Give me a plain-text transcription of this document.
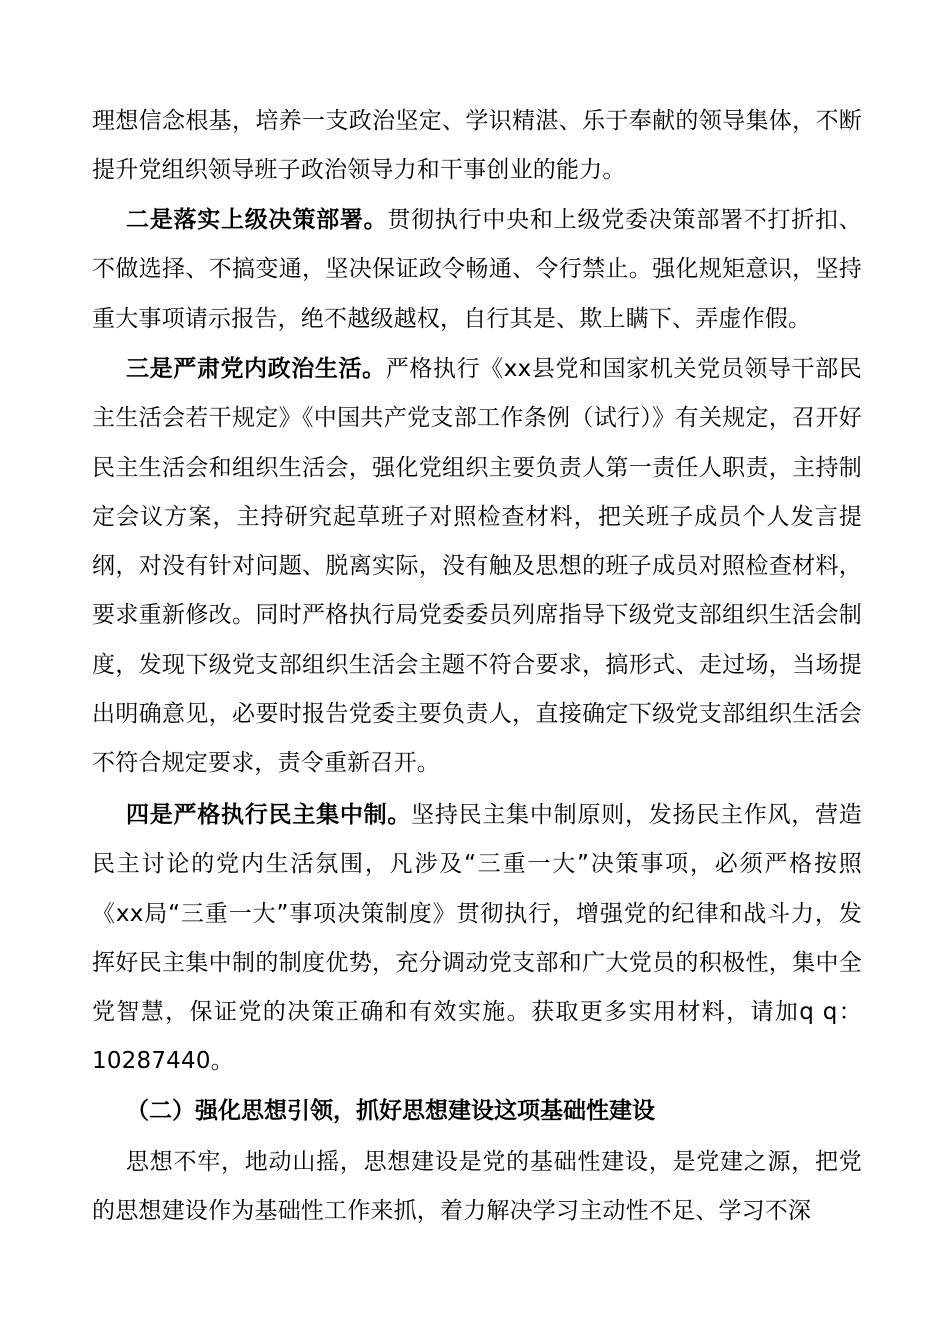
理想信念根基，培养一支政治坚定、学识精湛、乐于奉献的领导集体，不断提升党组织领导班子政治领导力和干事创业的能力。

二是落实上级决策部署。贯彻执行中央和上级党委决策部署不打折扣、不做选择、不搞变通，坚决保证政令畅通、令行禁止。强化规矩意识，坚持重大事项请示报告，绝不越级越权，自行其是、欺上瞒下、弄虚作假。

三是严肃党内政治生活。严格执行《xx县党和国家机关党员领导干部民主生活会若干规定》《中国共产党支部工作条例（试行）》有关规定，召开好民主生活会和组织生活会，强化党组织主要负责人第一责任人职责，主持制定会议方案，主持研究起草班子对照检查材料，把关班子成员个人发言提纲，对没有针对问题、脱离实际，没有触及思想的班子成员对照检查材料，要求重新修改。同时严格执行局党委委员列席指导下级党支部组织生活会制度，发现下级党支部组织生活会主题不符合要求，搞形式、走过场，当场提出明确意见，必要时报告党委主要负责人，直接确定下级党支部组织生活会不符合规定要求，责令重新召开。

四是严格执行民主集中制。坚持民主集中制原则，发扬民主作风，营造民主讨论的党内生活氛围，凡涉及“三重一大”决策事项，必须严格按照《xx局“三重一大”事项决策制度》贯彻执行，增强党的纪律和战斗力，发挥好民主集中制的制度优势，充分调动党支部和广大党员的积极性，集中全党智慧，保证党的决策正确和有效实施。获取更多实用材料，请加q q：10287440。

（二）强化思想引领，抓好思想建设这项基础性建设

思想不牢，地动山摇，思想建设是党的基础性建设，是党建之源，把党的思想建设作为基础性工作来抓，着力解决学习主动性不足、学习不深
